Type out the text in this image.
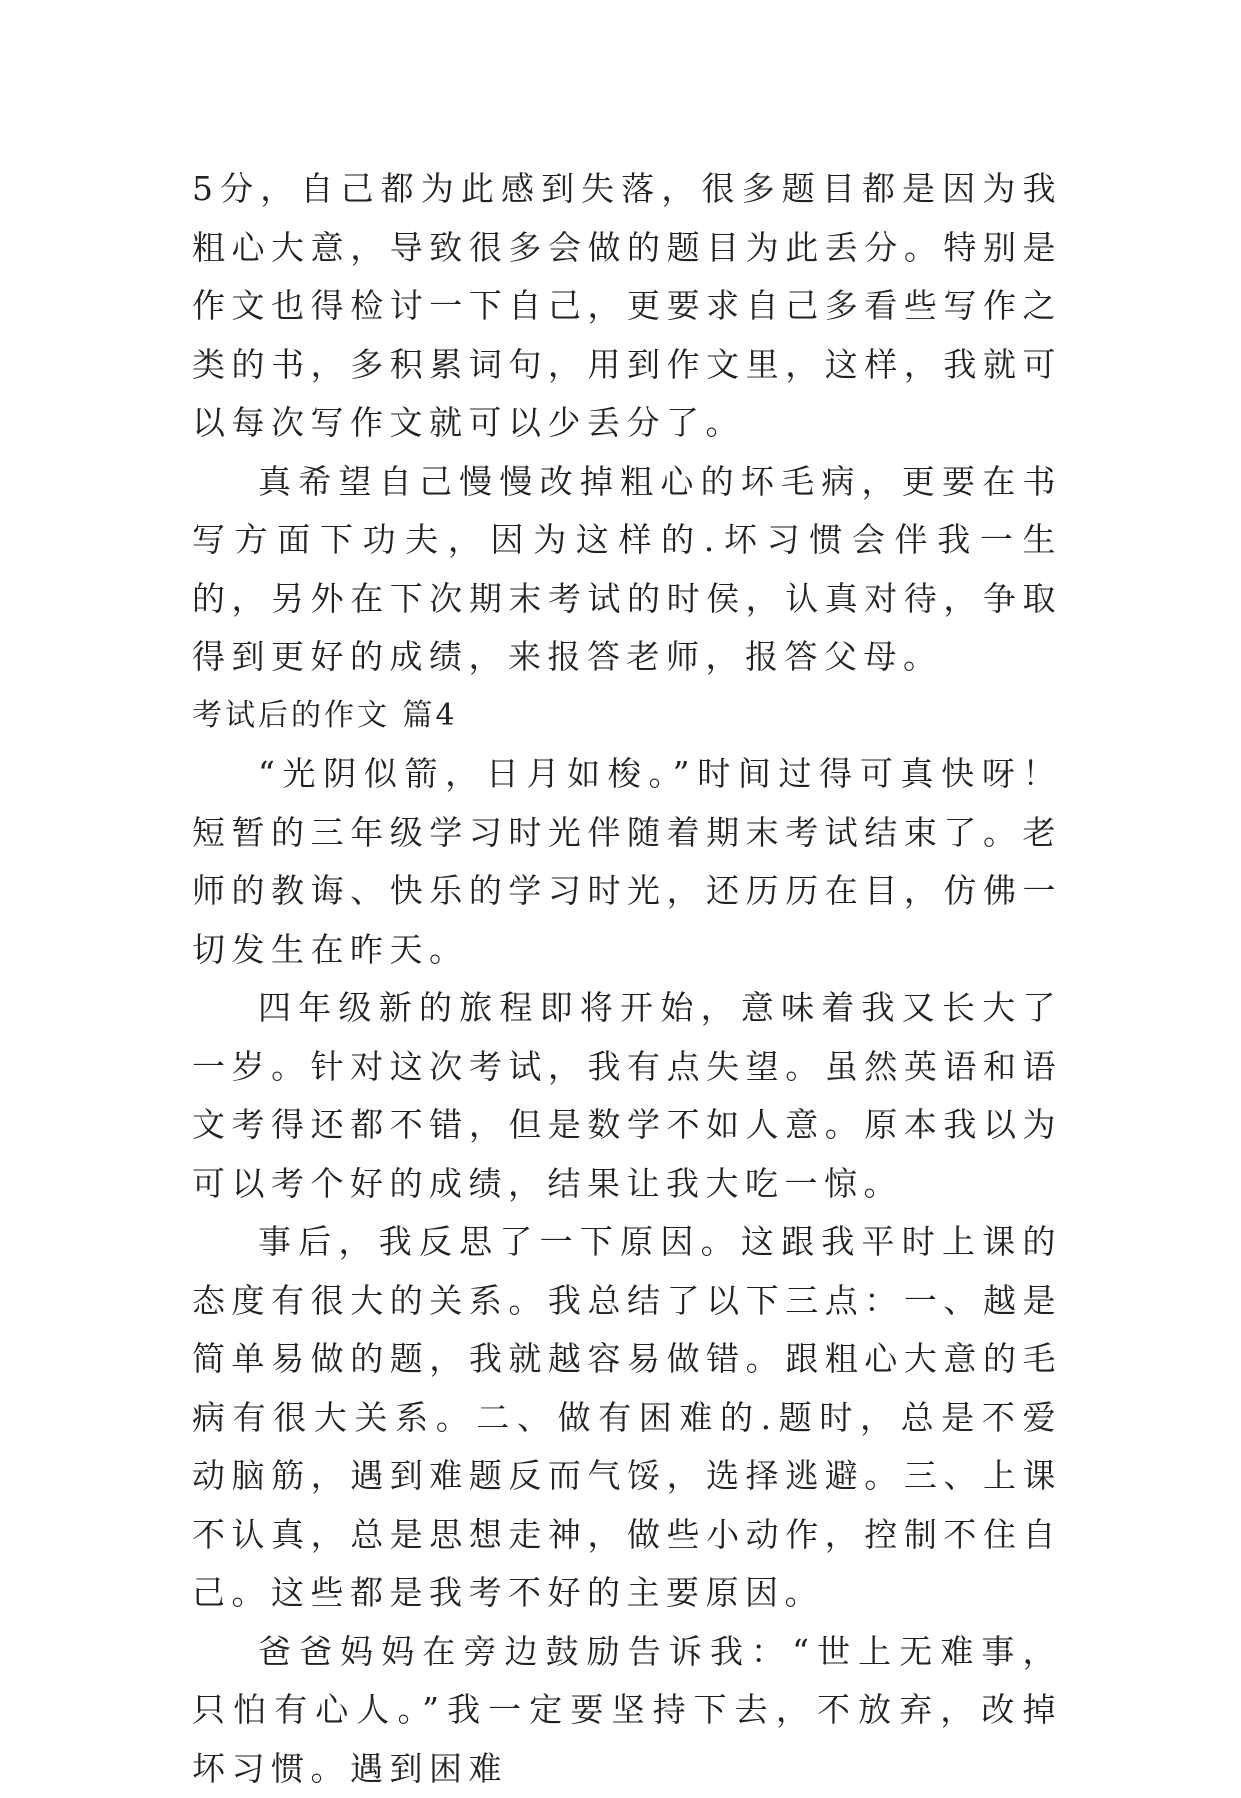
5分，自己都为此感到失落，很多题目都是因为我粗心大意，导致很多会做的题目为此丢分。特别是作文也得检讨一下自己，更要求自己多看些写作之类的书，多积累词句，用到作文里，这样，我就可以每次写作文就可以少丢分了。

真希望自己慢慢改掉粗心的坏毛病，更要在书写方面下功夫，因为这样的.坏习惯会伴我一生的，另外在下次期末考试的时侯，认真对待，争取得到更好的成绩，来报答老师，报答父母。

考试后的作文 篇4

“光阴似箭，日月如梭。”时间过得可真快呀！短暂的三年级学习时光伴随着期末考试结束了。老师的教诲、快乐的学习时光，还历历在目，仿佛一切发生在昨天。

四年级新的旅程即将开始，意味着我又长大了一岁。针对这次考试，我有点失望。虽然英语和语文考得还都不错，但是数学不如人意。原本我以为可以考个好的成绩，结果让我大吃一惊。

事后，我反思了一下原因。这跟我平时上课的态度有很大的关系。我总结了以下三点：一、越是简单易做的题，我就越容易做错。跟粗心大意的毛病有很大关系。二、做有困难的.题时，总是不爱动脑筋，遇到难题反而气馁，选择逃避。三、上课不认真，总是思想走神，做些小动作，控制不住自己。这些都是我考不好的主要原因。

爸爸妈妈在旁边鼓励告诉我：“世上无难事，只怕有心人。”我一定要坚持下去，不放弃，改掉坏习惯。遇到困难
